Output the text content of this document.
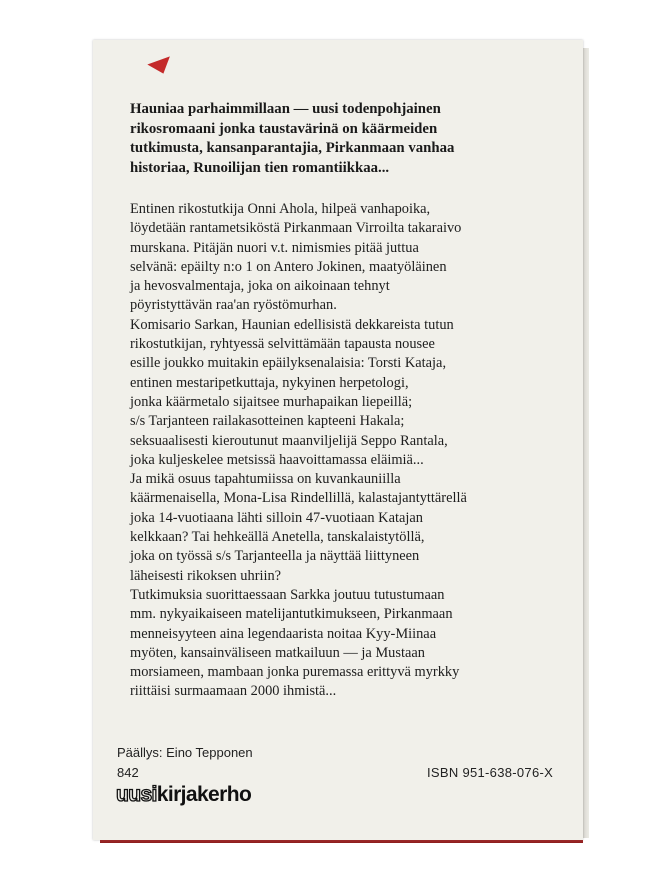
Hauniaa parhaimmillaan — uusi todenpohjainen
rikosromaani jonka taustavärinä on käärmeiden
tutkimusta, kansanparantajia, Pirkanmaan vanhaa
historiaa, Runoilijan tien romantiikkaa...
Entinen rikostutkija Onni Ahola, hilpeä vanhapoika,
löydetään rantametsiköstä Pirkanmaan Virroilta takaraivo
murskana. Pitäjän nuori v.t. nimismies pitää juttua
selvänä: epäilty n:o 1 on Antero Jokinen, maatyöläinen
ja hevosvalmentaja, joka on aikoinaan tehnyt
pöyristyttävän raa'an ryöstömurhan.
Komisario Sarkan, Haunian edellisistä dekkareista tutun
rikostutkijan, ryhtyessä selvittämään tapausta nousee
esille joukko muitakin epäilyksenalaisia: Torsti Kataja,
entinen mestaripetkuttaja, nykyinen herpetologi,
jonka käärmetalo sijaitsee murhapaikan liepeillä;
s/s Tarjanteen railakasotteinen kapteeni Hakala;
seksuaalisesti kieroutunut maanviljelijä Seppo Rantala,
joka kuljeskelee metsissä haavoittamassa eläimiä...
Ja mikä osuus tapahtumiissa on kuvankauniilla
käärmenaisella, Mona-Lisa Rindellillä, kalastajantyttärellä
joka 14-vuotiaana lähti silloin 47-vuotiaan Katajan
kelkkaan? Tai hehkeällä Anetella, tanskalaistytöllä,
joka on työssä s/s Tarjanteella ja näyttää liittyneen
läheisesti rikoksen uhriin?
Tutkimuksia suorittaessaan Sarkka joutuu tutustumaan
mm. nykyaikaiseen matelijantutkimukseen, Pirkanmaan
menneisyyteen aina legendaarista noitaa Kyy-Miinaa
myöten, kansainväliseen matkailuun — ja Mustaan
morsiameen, mambaan jonka puremassa erittyvä myrkky
riittäisi surmaamaan 2000 ihmistä...
Päällys: Eino Tepponen
842	ISBN 951-638-076-X
uusikirjakerho
